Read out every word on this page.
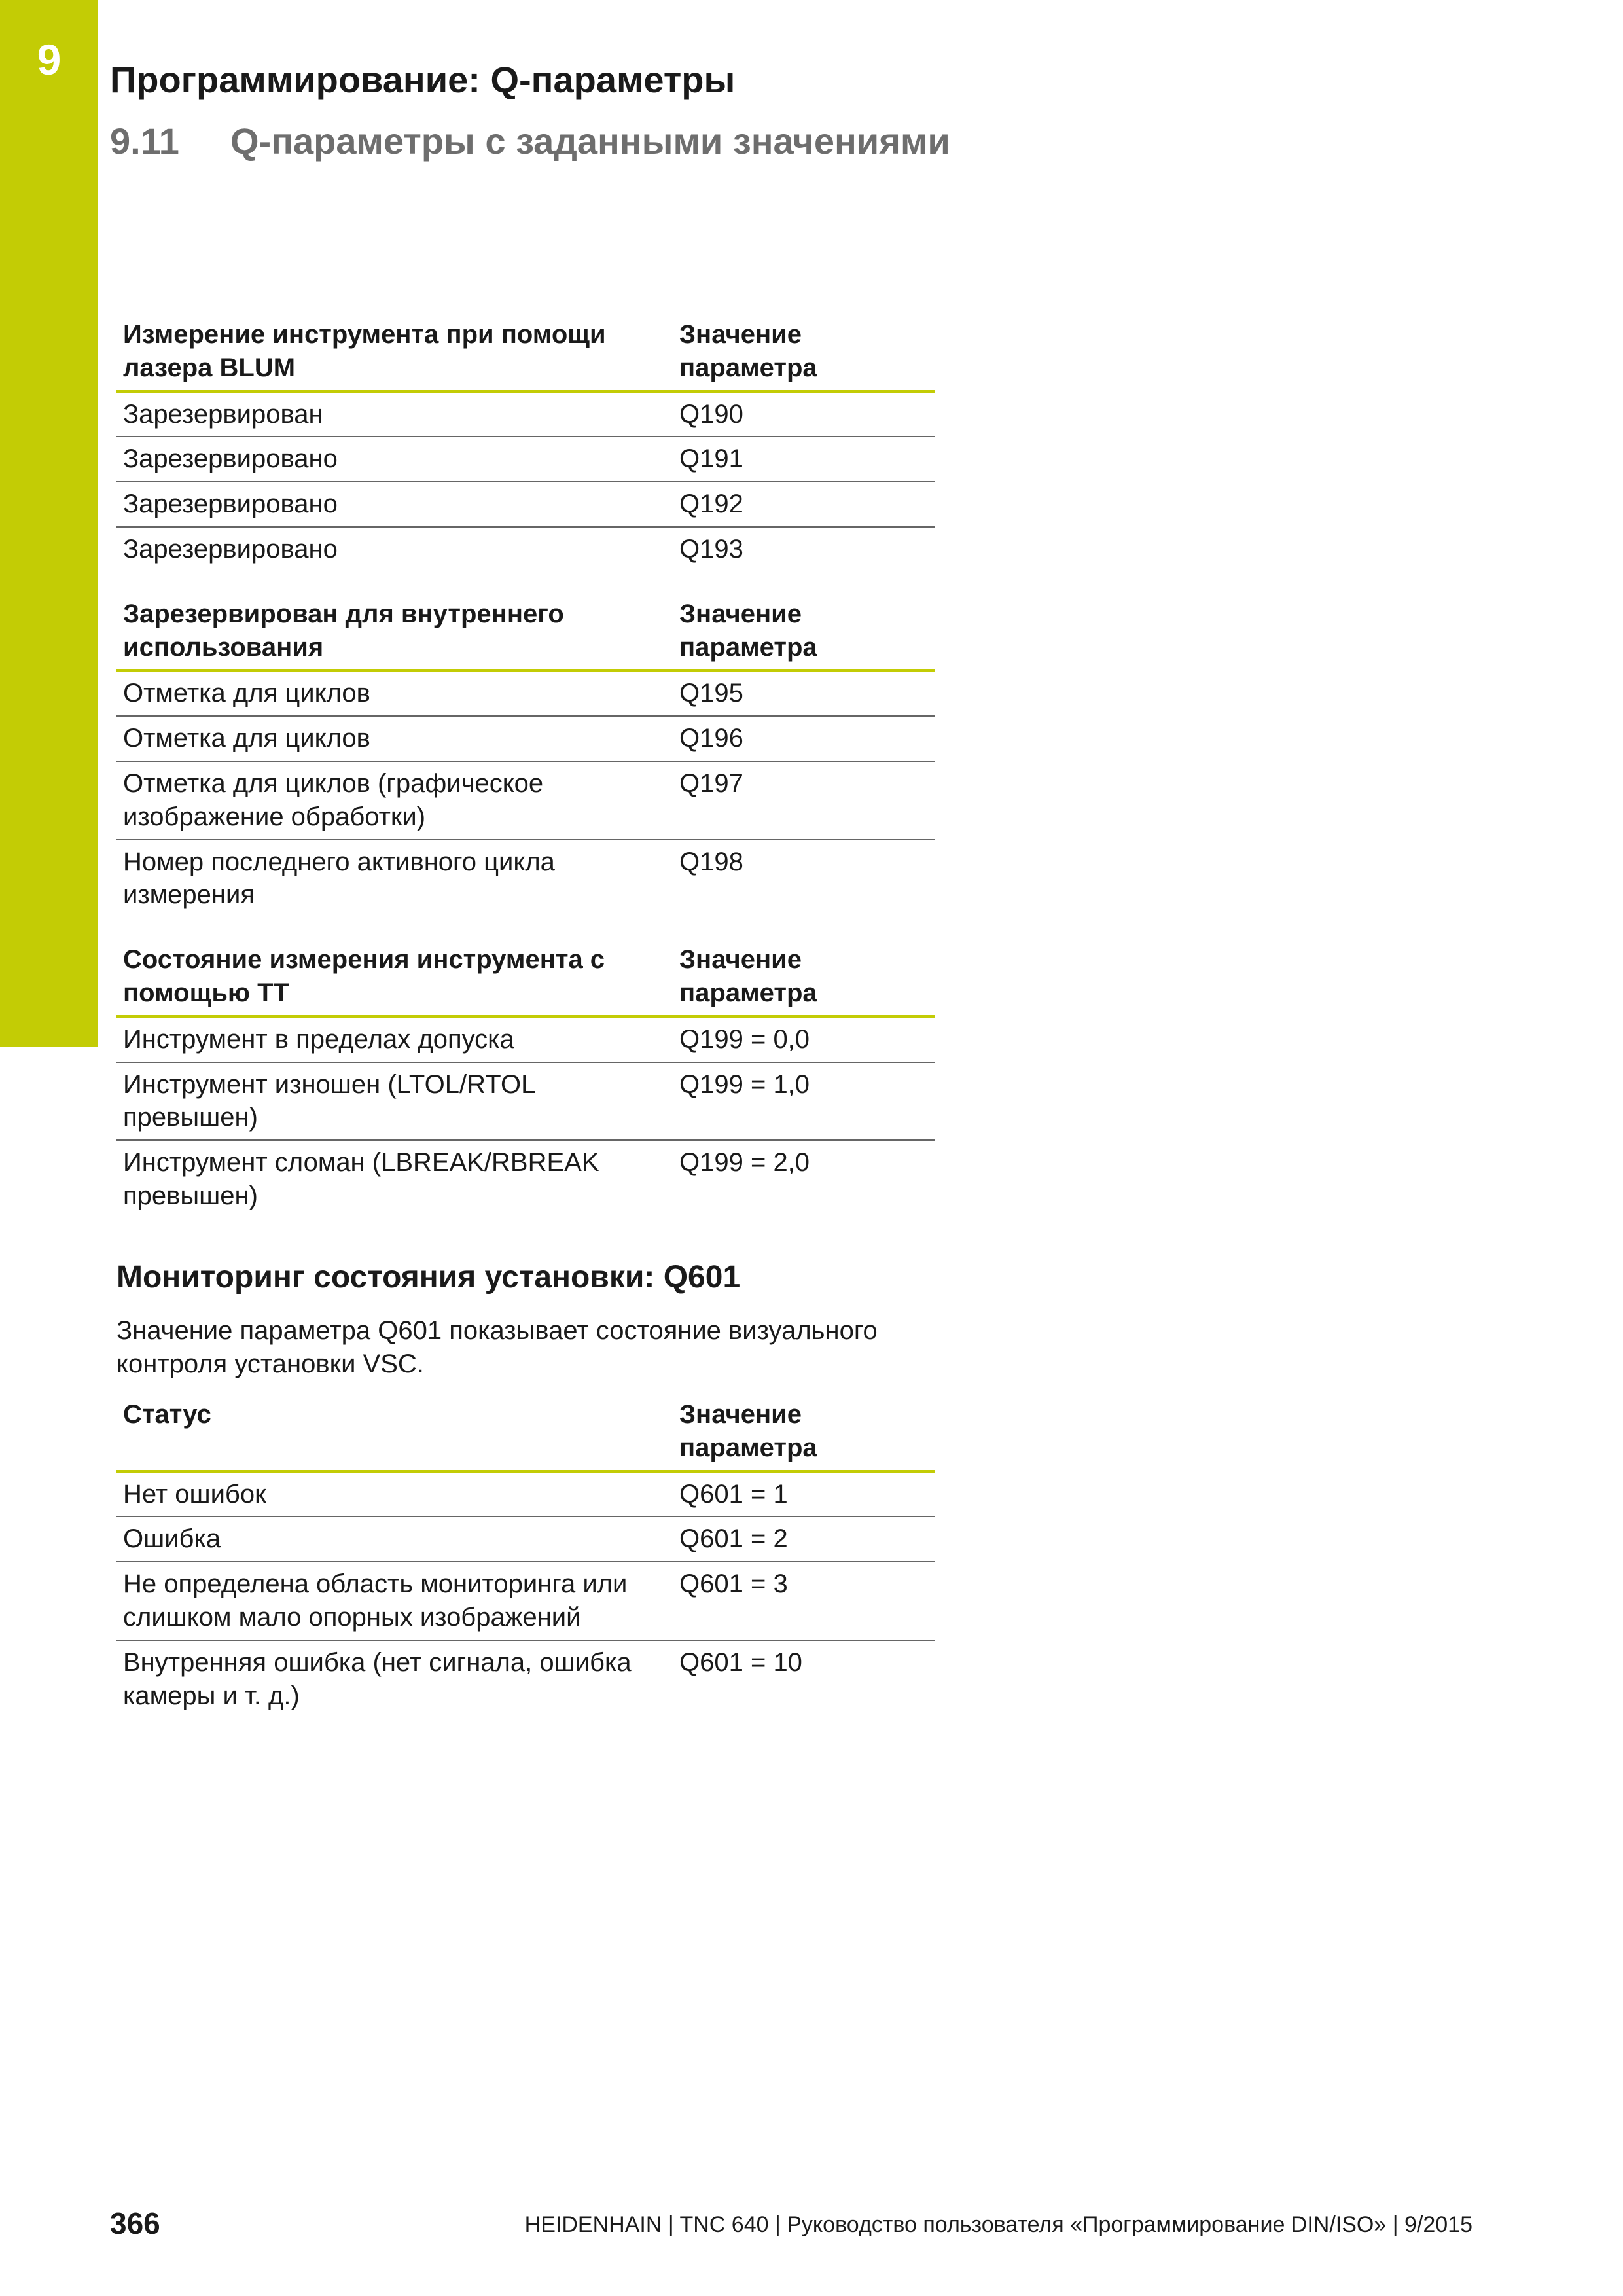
9	Программирование: Q-параметры
9.11 Q-параметры с заданными значениями
Измерение инструмента при помощи лазера BLUM	Значение параметра
Зарезервирован	Q190
Зарезервировано	Q191
Зарезервировано	Q192
Зарезервировано	Q193
Зарезервирован для внутреннего использования	Значение параметра
Отметка для циклов	Q195
Отметка для циклов	Q196
Отметка для циклов (графическое изображение обработки)	Q197
Номер последнего активного цикла измерения	Q198
Состояние измерения инструмента с помощью TT	Значение параметра
Инструмент в пределах допуска	Q199 = 0,0
Инструмент изношен (LTOL/RTOL превышен)	Q199 = 1,0
Инструмент сломан (LBREAK/RBREAK превышен)	Q199 = 2,0
Мониторинг состояния установки: Q601
Значение параметра Q601 показывает состояние визуального контроля установки VSC.
Статус	Значение параметра
Нет ошибок	Q601 = 1
Ошибка	Q601 = 2
Не определена область мониторинга или слишком мало опорных изображений	Q601 = 3
Внутренняя ошибка (нет сигнала, ошибка камеры и т. д.)	Q601 = 10
366	HEIDENHAIN | TNC 640 | Руководство пользователя «Программирование DIN/ISO» | 9/2015
